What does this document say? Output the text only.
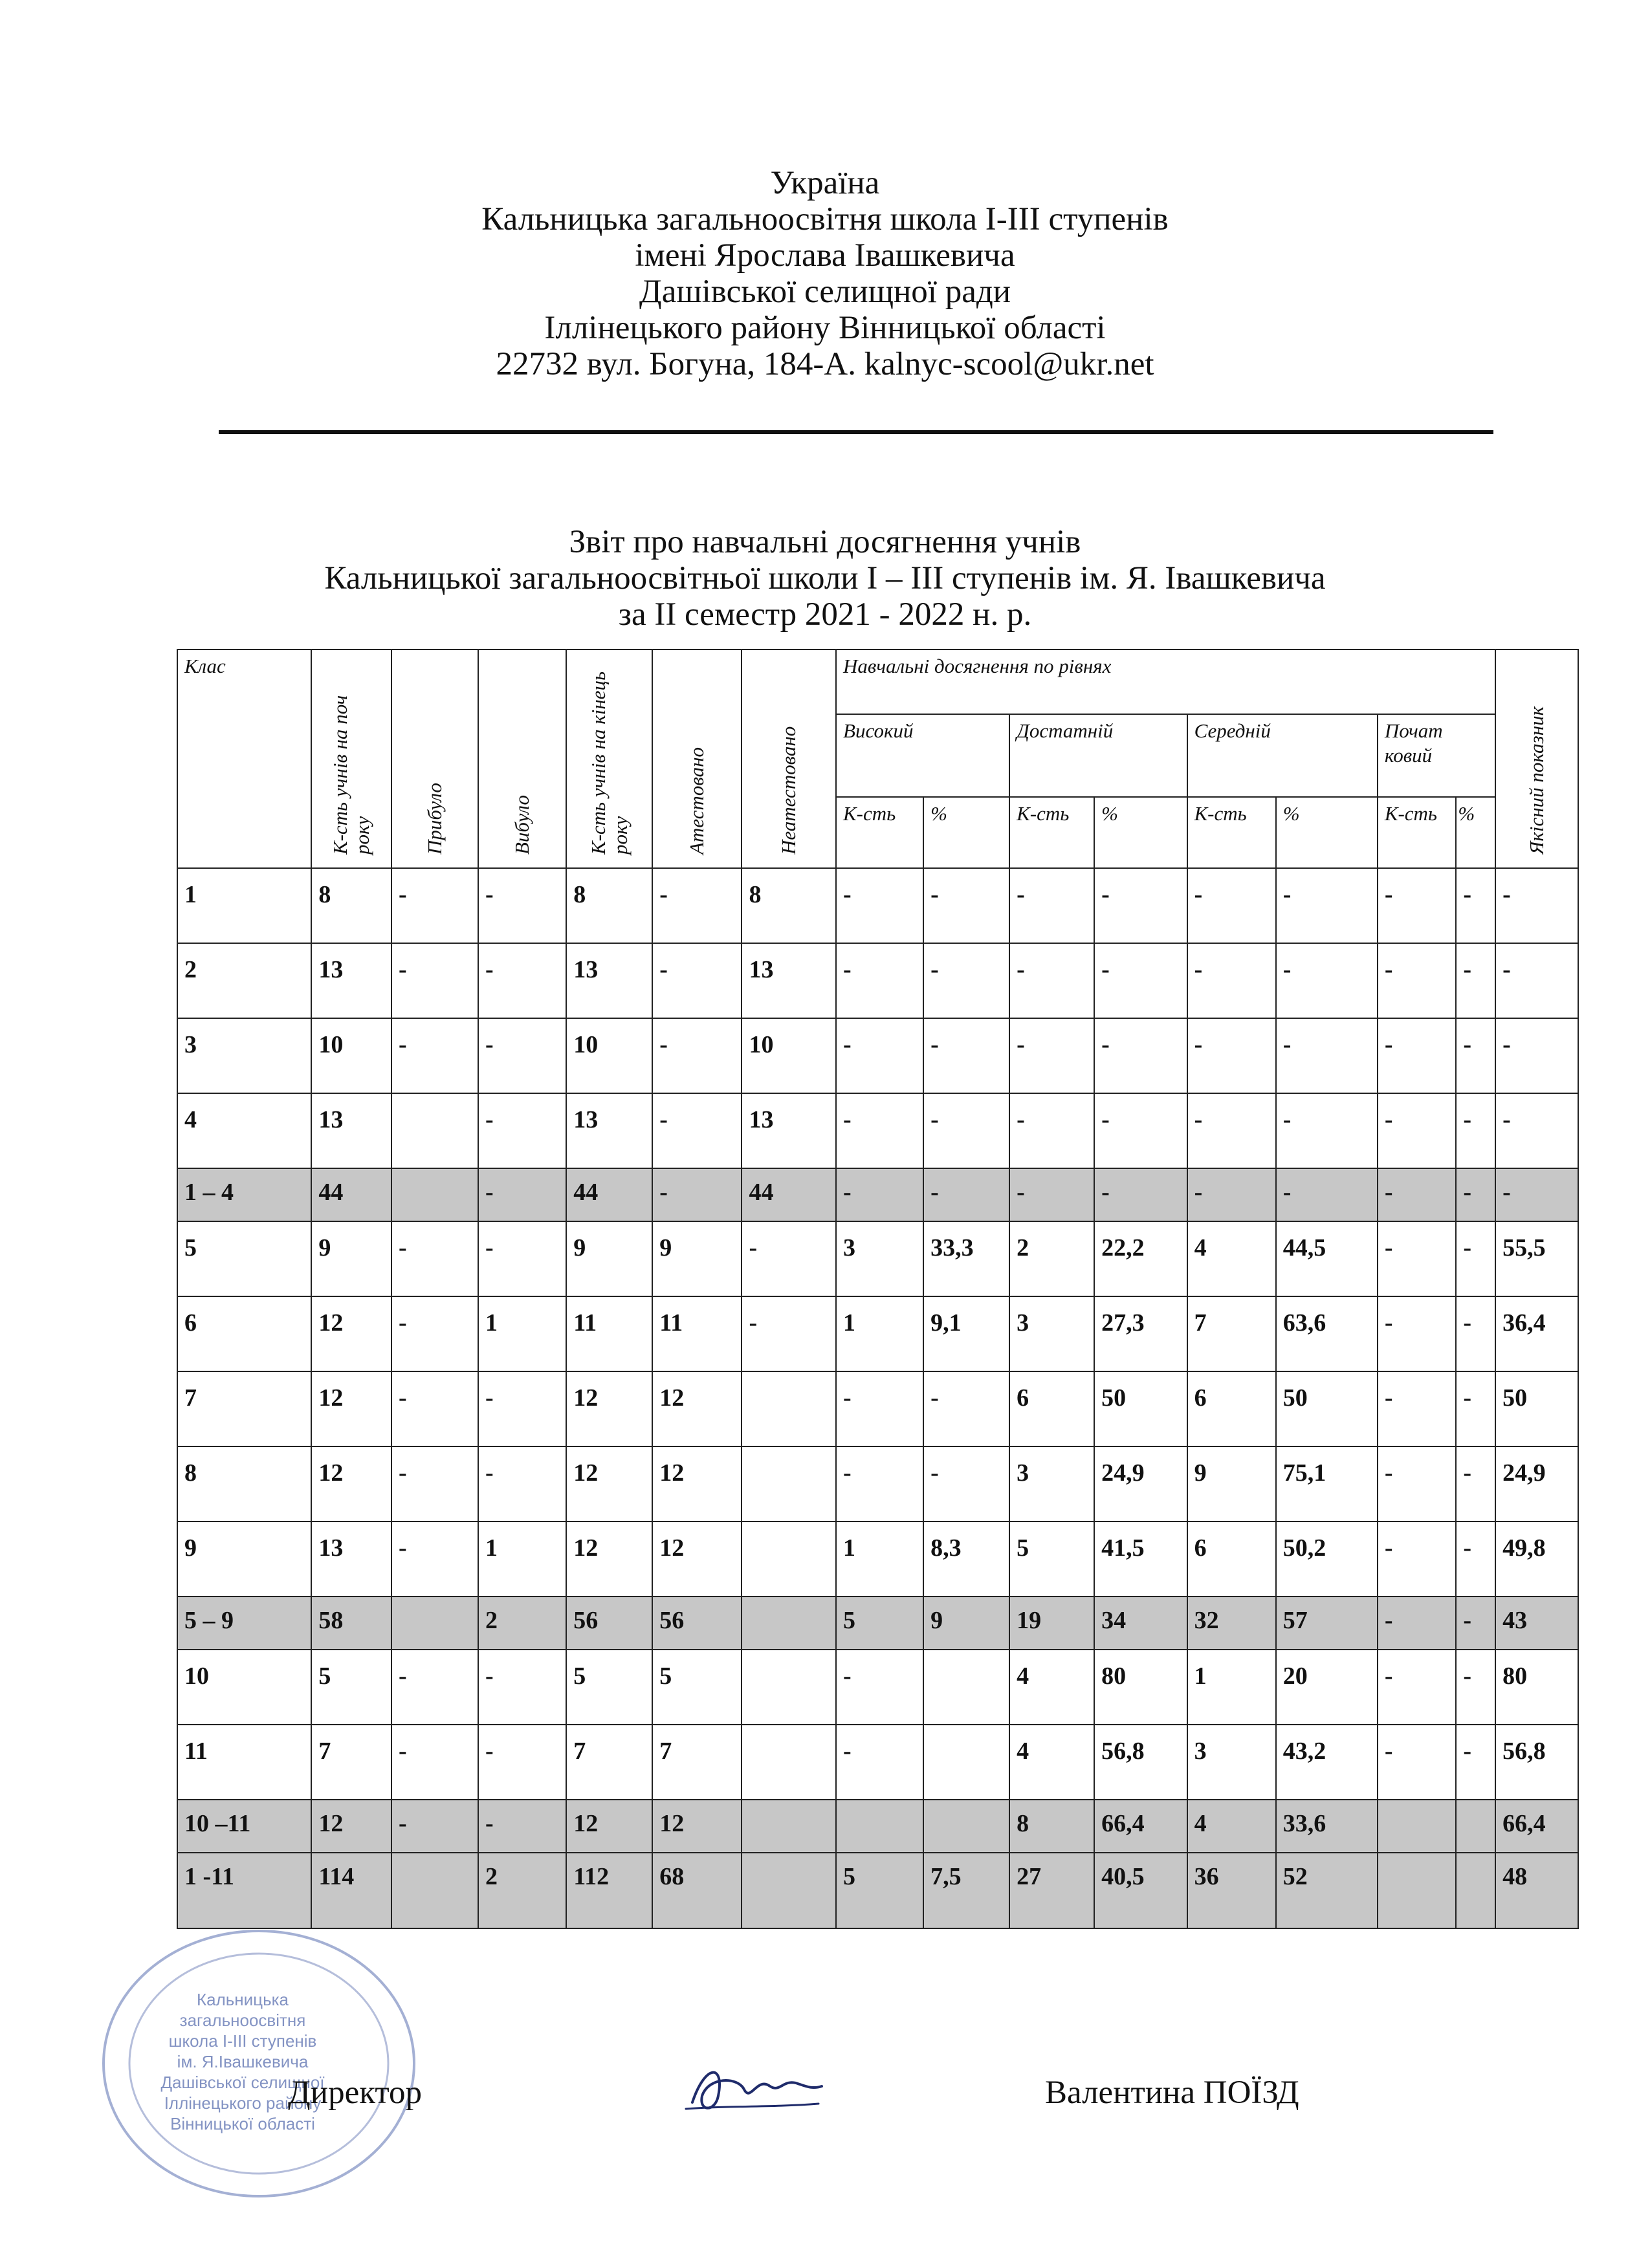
Україна
Кальницька загальноосвітня школа І-ІІІ ступенів
імені Ярослава Івашкевича
Дашівської селищної ради
Іллінецького району Вінницької області
22732 вул. Богуна, 184-А. kalnyc-scool@ukr.net
Звіт про навчальні досягнення учнів
Кальницької загальноосвітньої школи І – ІІІ ступенів ім. Я. Івашкевича
за ІІ семестр 2021 - 2022 н. р.
Клас	К-сть учнів на поч року	Прибуло	Вибуло	К-сть учнів на кінець року	Атестовано	Неатестовано	Навчальні досягнення по рівнях								Якісний показник

							Високий		Достатній		Середній		Почат ковий		
							К-сть	%	К-сть	%	К-сть	%	К-сть	%	

1	8	-	-	8	-	8	-	-	-	-	-	-	-	-	-

2	13	-	-	13	-	13	-	-	-	-	-	-	-	-	-

3	10	-	-	10	-	10	-	-	-	-	-	-	-	-	-

4	13		-	13	-	13	-	-	-	-	-	-	-	-	-

1 – 4	44		-	44	-	44	-	-	-	-	-	-	-	-	-

5	9	-	-	9	9	-	3	33,3	2	22,2	4	44,5	-	-	55,5

6	12	-	1	11	11	-	1	9,1	3	27,3	7	63,6	-	-	36,4

7	12	-	-	12	12		-	-	6	50	6	50	-	-	50

8	12	-	-	12	12		-	-	3	24,9	9	75,1	-	-	24,9

9	13	-	1	12	12		1	8,3	5	41,5	6	50,2	-	-	49,8

5 – 9	58		2	56	56		5	9	19	34	32	57	-	-	43

10	5	-	-	5	5		-		4	80	1	20	-	-	80

11	7	-	-	7	7		-		4	56,8	3	43,2	-	-	56,8

10 –11	12	-	-	12	12				8	66,4	4	33,6			66,4

1 -11	114		2	112	68		5	7,5	27	40,5	36	52			48
Кальницька
загальноосвітня
школа І-ІІІ ступенів
ім. Я.Івашкевича
Дашівської селищної
Іллінецького району
Вінницької області
Директор	Валентина ПОЇЗД
